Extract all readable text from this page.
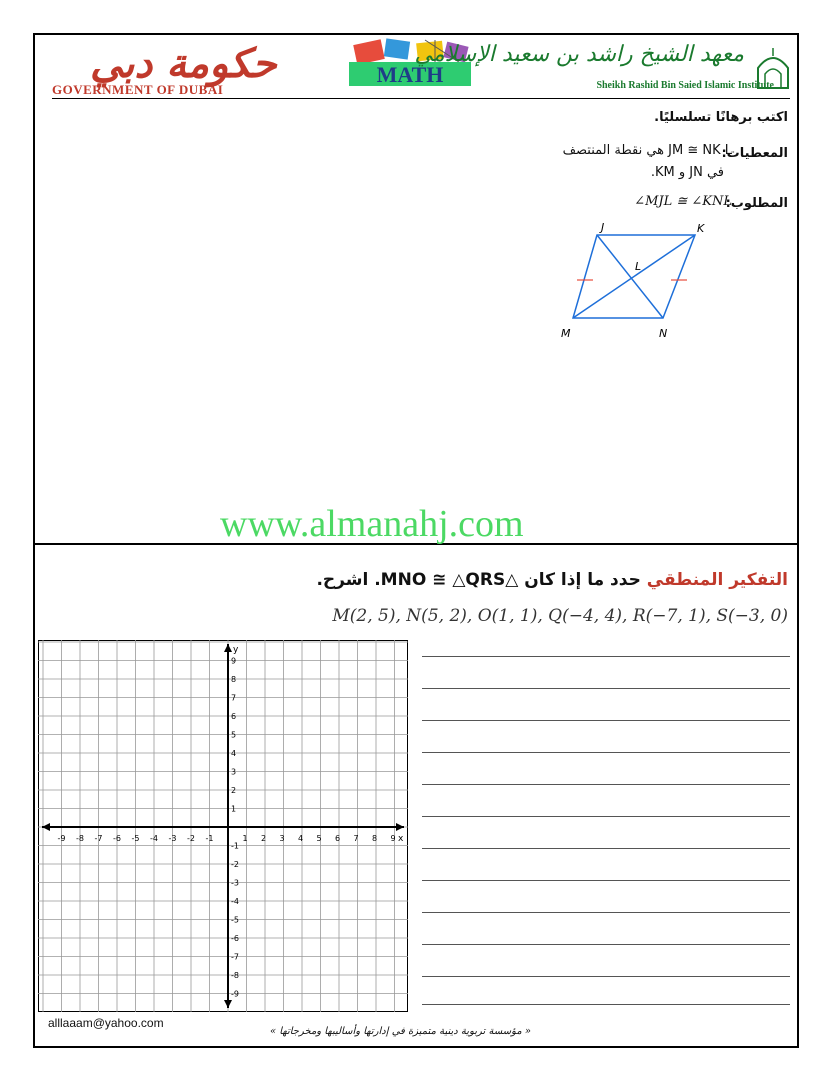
حكومة دبي
GOVERNMENT OF DUBAI
MATH
معهد الشيخ راشد بن سعيد الإسلامي
Sheikh Rashid Bin Saied Islamic Institute
اكتب برهانًا تسلسليًا.
المعطيات:
JM ≅ NK L هي نقطة المنتصف
في JN و KM.
المطلوب:
∠MJL ≅ ∠KNL
J	K
L
M	N
www.almanahj.com
التفكير المنطقي حدد ما إذا كان △MNO ≅ △QRS. اشرح.
M(2, 5), N(5, 2), O(1, 1), Q(−4, 4), R(−7, 1), S(−3, 0)
-9 -8 -7 -6 -5 -4 -3 -2 -1	1 2 3 4 5 6 7 8 9
9
8
7
6
5
4
3
2
1
-1
-2
-3
-4
-5
-6
-7
-8
-9
x
y
alllaaam@yahoo.com
« مؤسسة تربوية دينية متميزة في إدارتها وأساليبها ومخرجاتها »
